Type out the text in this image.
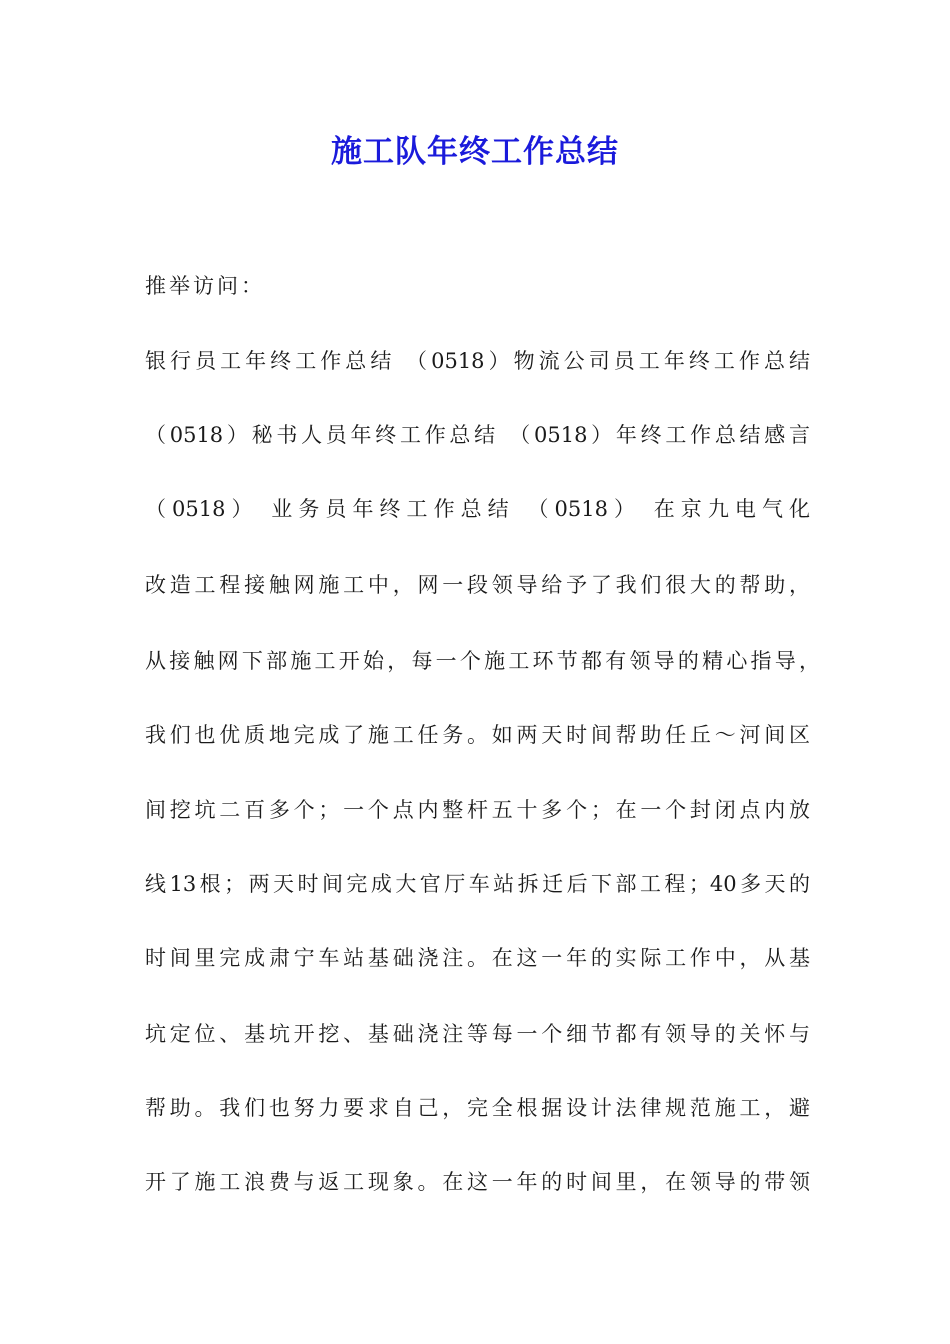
施工队年终工作总结
推举访问：
银行员工年终工作总结 （0518）物流公司员工年终工作总结
（0518）秘书人员年终工作总结 （0518）年终工作总结感言
（0518） 业务员年终工作总结 （0518） 在京九电气化
改造工程接触网施工中，网一段领导给予了我们很大的帮助，
从接触网下部施工开始，每一个施工环节都有领导的精心指导，
我们也优质地完成了施工任务。如两天时间帮助任丘～河间区
间挖坑二百多个；一个点内整杆五十多个；在一个封闭点内放
线13根；两天时间完成大官厅车站拆迁后下部工程；40多天的
时间里完成肃宁车站基础浇注。在这一年的实际工作中，从基
坑定位、基坑开挖、基础浇注等每一个细节都有领导的关怀与
帮助。我们也努力要求自己，完全根据设计法律规范施工，避
开了施工浪费与返工现象。在这一年的时间里，在领导的带领
